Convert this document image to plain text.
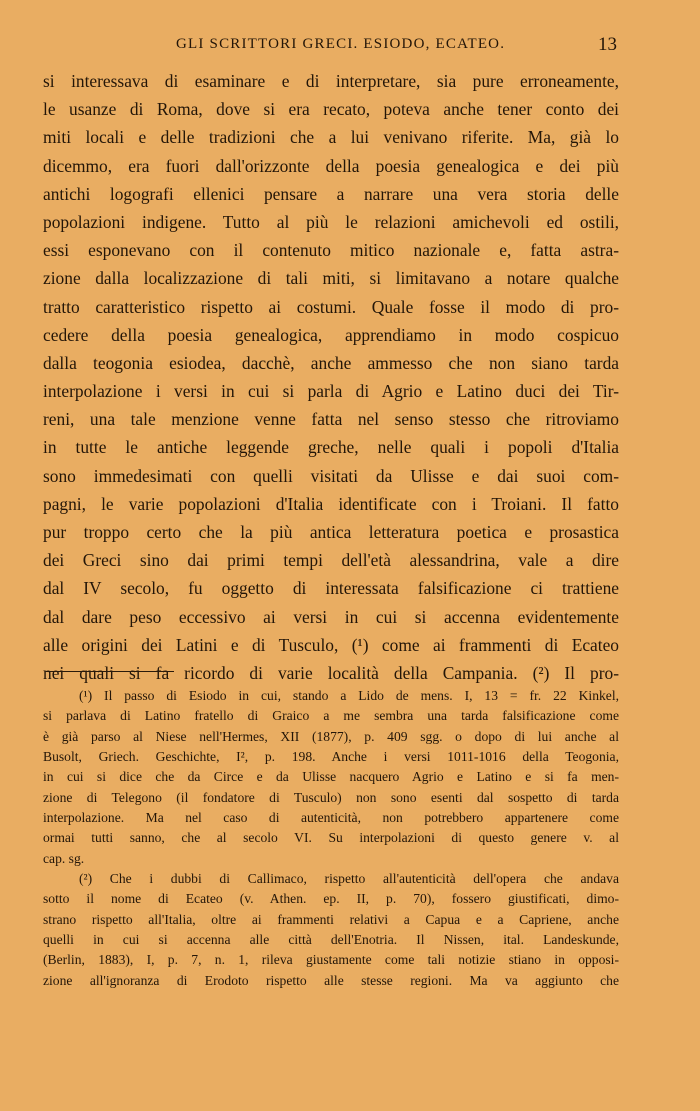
GLI SCRITTORI GRECI. ESIODO, ECATEO.	13
si interessava di esaminare e di interpretare, sia pure erroneamente,
le usanze di Roma, dove si era recato, poteva anche tener conto dei
miti locali e delle tradizioni che a lui venivano riferite. Ma, già lo
dicemmo, era fuori dall'orizzonte della poesia genealogica e dei più
antichi logografi ellenici pensare a narrare una vera storia delle
popolazioni indigene. Tutto al più le relazioni amichevoli ed ostili,
essi esponevano con il contenuto mitico nazionale e, fatta astra-
zione dalla localizzazione di tali miti, si limitavano a notare qualche
tratto caratteristico rispetto ai costumi. Quale fosse il modo di pro-
cedere della poesia genealogica, apprendiamo in modo cospicuo
dalla teogonia esiodea, dacchè, anche ammesso che non siano tarda
interpolazione i versi in cui si parla di Agrio e Latino duci dei Tir-
reni, una tale menzione venne fatta nel senso stesso che ritroviamo
in tutte le antiche leggende greche, nelle quali i popoli d'Italia
sono immedesimati con quelli visitati da Ulisse e dai suoi com-
pagni, le varie popolazioni d'Italia identificate con i Troiani. Il fatto
pur troppo certo che la più antica letteratura poetica e prosastica
dei Greci sino dai primi tempi dell'età alessandrina, vale a dire
dal IV secolo, fu oggetto di interessata falsificazione ci trattiene
dal dare peso eccessivo ai versi in cui si accenna evidentemente
alle origini dei Latini e di Tusculo, (¹) come ai frammenti di Ecateo
nei quali si fa ricordo di varie località della Campania. (²) Il pro-
(¹) Il passo di Esiodo in cui, stando a Lido de mens. I, 13 = fr. 22 Kinkel,
si parlava di Latino fratello di Graico a me sembra una tarda falsificazione come
è già parso al Niese nell'Hermes, XII (1877), p. 409 sgg. o dopo di lui anche al
Busolt, Griech. Geschichte, I², p. 198. Anche i versi 1011-1016 della Teogonia,
in cui si dice che da Circe e da Ulisse nacquero Agrio e Latino e si fa men-
zione di Telegono (il fondatore di Tusculo) non sono esenti dal sospetto di tarda
interpolazione. Ma nel caso di autenticità, non potrebbero appartenere come
ormai tutti sanno, che al secolo VI. Su interpolazioni di questo genere v. al
cap. sg.
(²) Che i dubbi di Callimaco, rispetto all'autenticità dell'opera che andava
sotto il nome di Ecateo (v. Athen. ep. II, p. 70), fossero giustificati, dimo-
strano rispetto all'Italia, oltre ai frammenti relativi a Capua e a Capriene, anche
quelli in cui si accenna alle città dell'Enotria. Il Nissen, ital. Landeskunde,
(Berlin, 1883), I, p. 7, n. 1, rileva giustamente come tali notizie stiano in opposi-
zione all'ignoranza di Erodoto rispetto alle stesse regioni. Ma va aggiunto che
